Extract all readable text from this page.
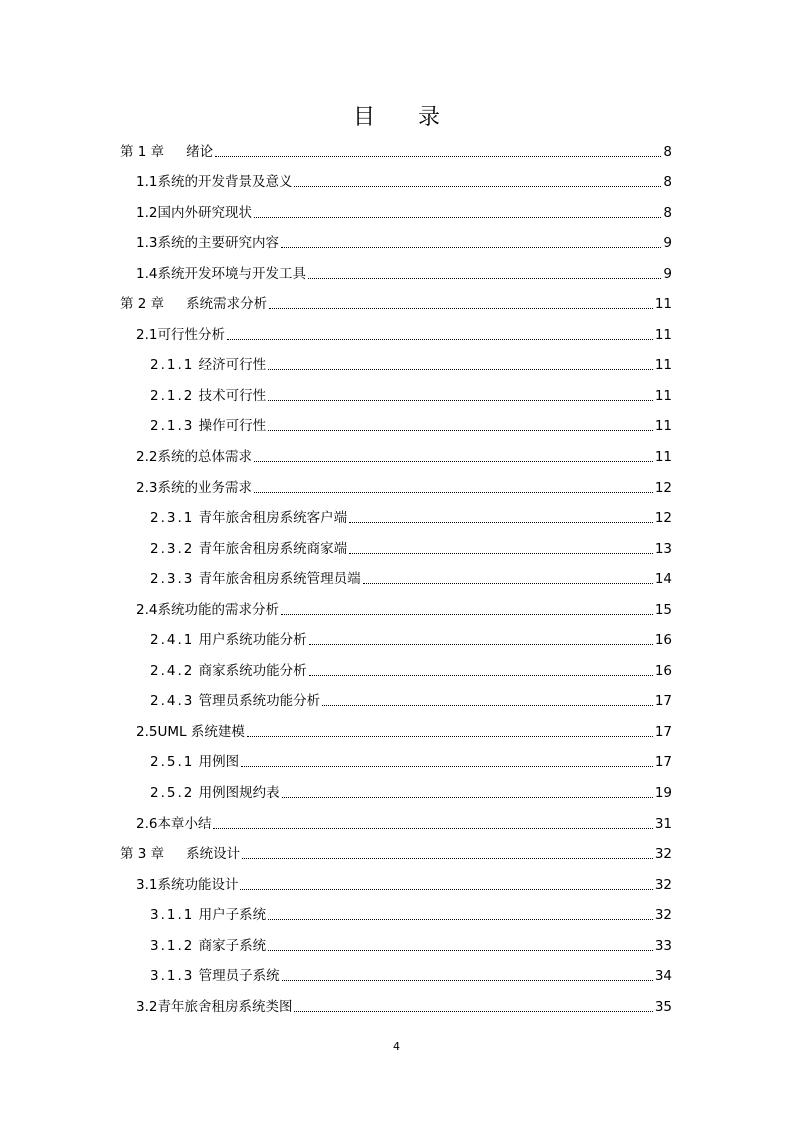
目 录
第 1 章 绪论	8
1.1系统的开发背景及意义	8
1.2国内外研究现状	8
1.3系统的主要研究内容	9
1.4系统开发环境与开发工具	9
第 2 章 系统需求分析	11
2.1可行性分析	11
2.1.1 经济可行性	11
2.1.2 技术可行性	11
2.1.3 操作可行性	11
2.2系统的总体需求	11
2.3系统的业务需求	12
2.3.1 青年旅舍租房系统客户端	12
2.3.2 青年旅舍租房系统商家端	13
2.3.3 青年旅舍租房系统管理员端	14
2.4系统功能的需求分析	15
2.4.1 用户系统功能分析	16
2.4.2 商家系统功能分析	16
2.4.3 管理员系统功能分析	17
2.5UML 系统建模	17
2.5.1 用例图	17
2.5.2 用例图规约表	19
2.6本章小结	31
第 3 章 系统设计	32
3.1系统功能设计	32
3.1.1 用户子系统	32
3.1.2 商家子系统	33
3.1.3 管理员子系统	34
3.2青年旅舍租房系统类图	35
4
